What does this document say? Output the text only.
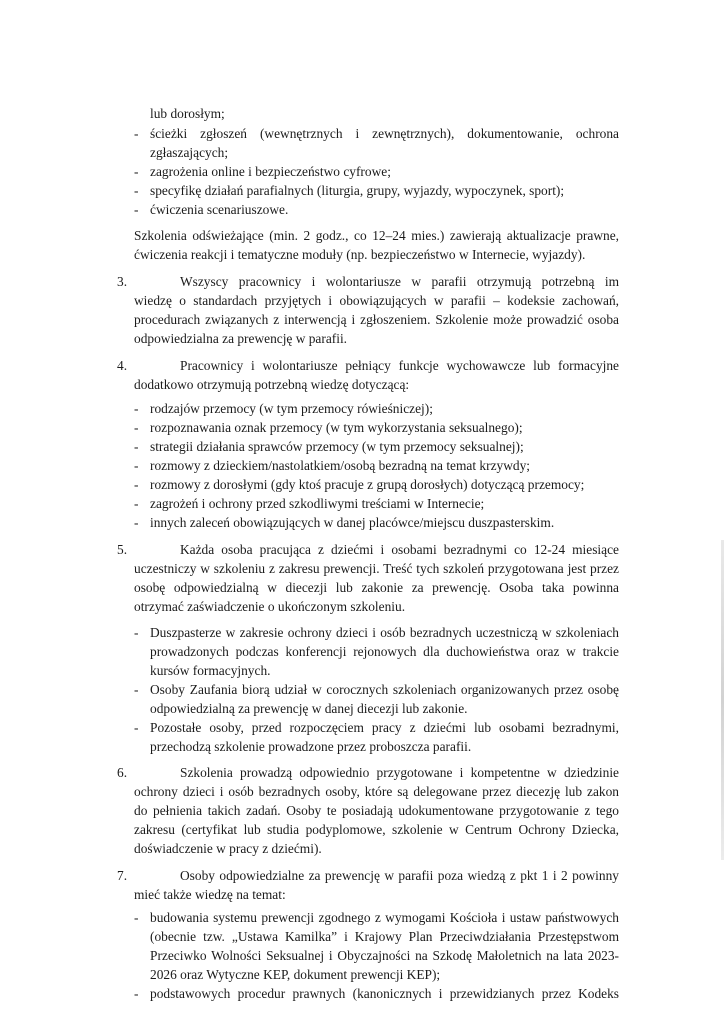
lub dorosłym;
- ścieżki zgłoszeń (wewnętrznych i zewnętrznych), dokumentowanie, ochrona
zgłaszających;
- zagrożenia online i bezpieczeństwo cyfrowe;
- specyfikę działań parafialnych (liturgia, grupy, wyjazdy, wypoczynek, sport);
- ćwiczenia scenariuszowe.
Szkolenia odświeżające (min. 2 godz., co 12–24 mies.) zawierają aktualizacje prawne,
ćwiczenia reakcji i tematyczne moduły (np. bezpieczeństwo w Internecie, wyjazdy).
3.	Wszyscy pracownicy i wolontariusze w parafii otrzymują potrzebną im
wiedzę o standardach przyjętych i obowiązujących w parafii – kodeksie zachowań,
procedurach związanych z interwencją i zgłoszeniem. Szkolenie może prowadzić osoba
odpowiedzialna za prewencję w parafii.
4.	Pracownicy i wolontariusze pełniący funkcje wychowawcze lub formacyjne
dodatkowo otrzymują potrzebną wiedzę dotyczącą:
- rodzajów przemocy (w tym przemocy rówieśniczej);
- rozpoznawania oznak przemocy (w tym wykorzystania seksualnego);
- strategii działania sprawców przemocy (w tym przemocy seksualnej);
- rozmowy z dzieckiem/nastolatkiem/osobą bezradną na temat krzywdy;
- rozmowy z dorosłymi (gdy ktoś pracuje z grupą dorosłych) dotyczącą przemocy;
- zagrożeń i ochrony przed szkodliwymi treściami w Internecie;
- innych zaleceń obowiązujących w danej placówce/miejscu duszpasterskim.
5.	Każda osoba pracująca z dziećmi i osobami bezradnymi co 12-24 miesiące
uczestniczy w szkoleniu z zakresu prewencji. Treść tych szkoleń przygotowana jest przez
osobę odpowiedzialną w diecezji lub zakonie za prewencję. Osoba taka powinna
otrzymać zaświadczenie o ukończonym szkoleniu.
- Duszpasterze w zakresie ochrony dzieci i osób bezradnych uczestniczą w szkoleniach
prowadzonych podczas konferencji rejonowych dla duchowieństwa oraz w trakcie
kursów formacyjnych.
- Osoby Zaufania biorą udział w corocznych szkoleniach organizowanych przez osobę
odpowiedzialną za prewencję w danej diecezji lub zakonie.
- Pozostałe osoby, przed rozpoczęciem pracy z dziećmi lub osobami bezradnymi,
przechodzą szkolenie prowadzone przez proboszcza parafii.
6.	Szkolenia prowadzą odpowiednio przygotowane i kompetentne w dziedzinie
ochrony dzieci i osób bezradnych osoby, które są delegowane przez diecezję lub zakon
do pełnienia takich zadań. Osoby te posiadają udokumentowane przygotowanie z tego
zakresu (certyfikat lub studia podyplomowe, szkolenie w Centrum Ochrony Dziecka,
doświadczenie w pracy z dziećmi).
7.	Osoby odpowiedzialne za prewencję w parafii poza wiedzą z pkt 1 i 2 powinny
mieć także wiedzę na temat:
- budowania systemu prewencji zgodnego z wymogami Kościoła i ustaw państwowych
(obecnie tzw. „Ustawa Kamilka” i Krajowy Plan Przeciwdziałania Przestępstwom
Przeciwko Wolności Seksualnej i Obyczajności na Szkodę Małoletnich na lata 2023-
2026 oraz Wytyczne KEP, dokument prewencji KEP);
- podstawowych procedur prawnych (kanonicznych i przewidzianych przez Kodeks
